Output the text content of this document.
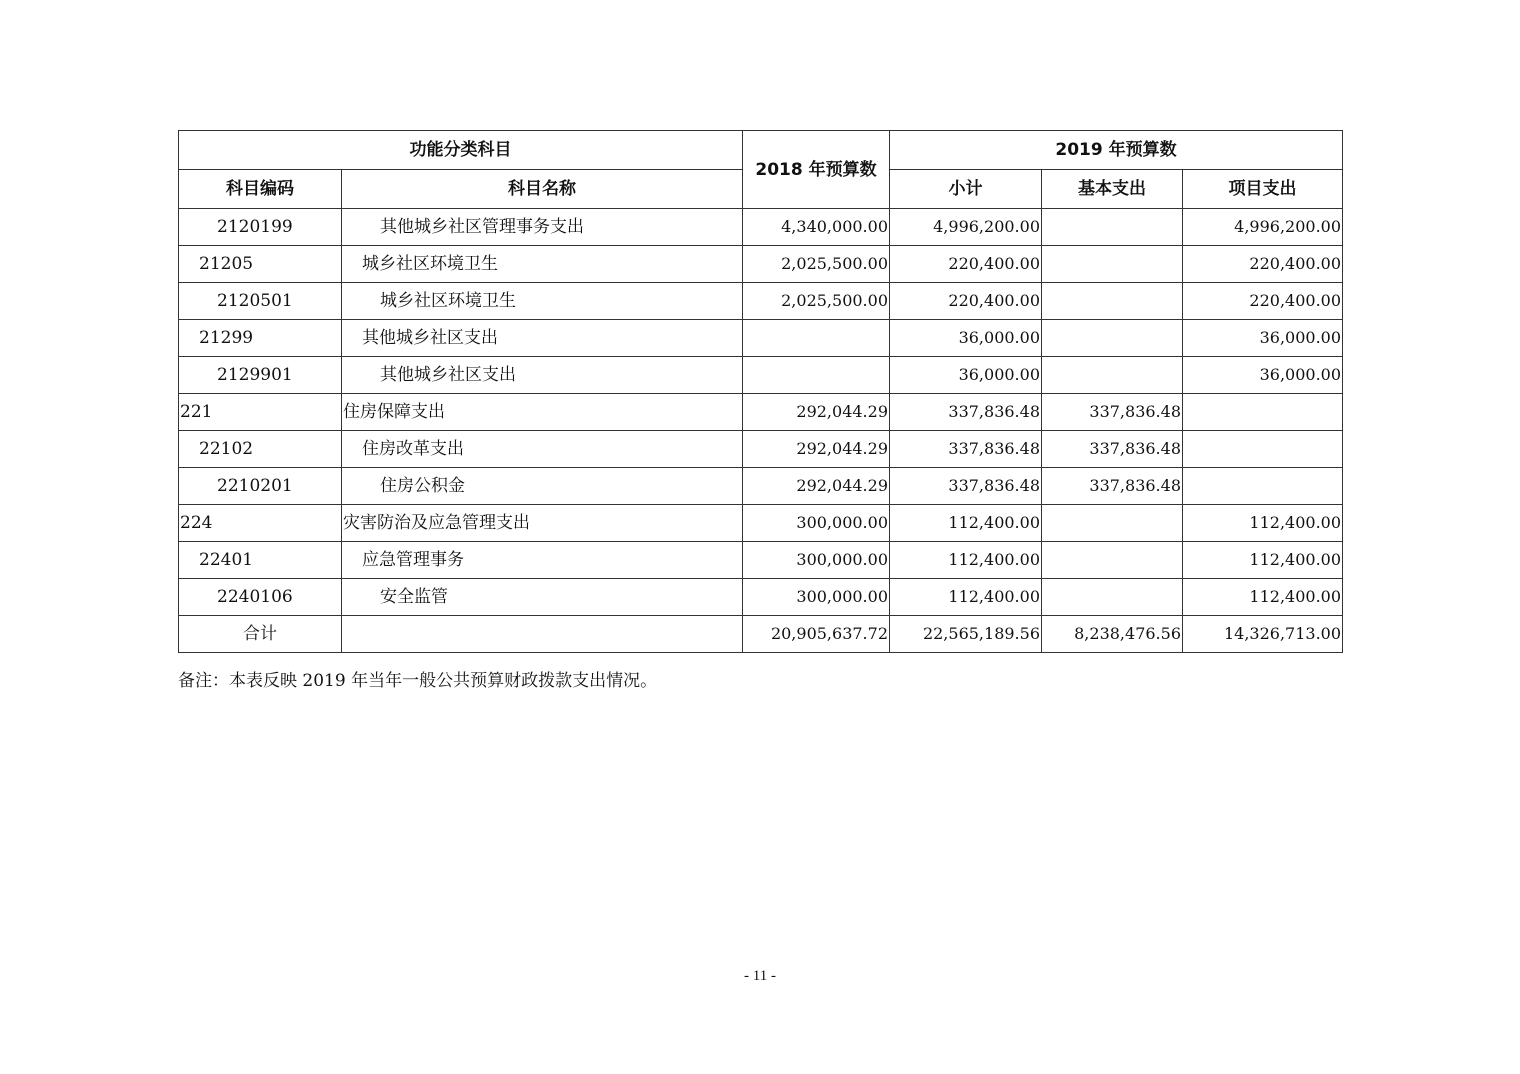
功能分类科目		2018 年预算数	2019 年预算数		
科目编码	科目名称		小计	基本支出	项目支出
2120199	其他城乡社区管理事务支出	4,340,000.00	4,996,200.00		4,996,200.00
21205	城乡社区环境卫生	2,025,500.00	220,400.00		220,400.00
2120501	城乡社区环境卫生	2,025,500.00	220,400.00		220,400.00
21299	其他城乡社区支出		36,000.00		36,000.00
2129901	其他城乡社区支出		36,000.00		36,000.00
221	住房保障支出	292,044.29	337,836.48	337,836.48	
22102	住房改革支出	292,044.29	337,836.48	337,836.48	
2210201	住房公积金	292,044.29	337,836.48	337,836.48	
224	灾害防治及应急管理支出	300,000.00	112,400.00		112,400.00
22401	应急管理事务	300,000.00	112,400.00		112,400.00
2240106	安全监管	300,000.00	112,400.00		112,400.00
合计		20,905,637.72	22,565,189.56	8,238,476.56	14,326,713.00
备注：本表反映 2019 年当年一般公共预算财政拨款支出情况。
- 11 -
